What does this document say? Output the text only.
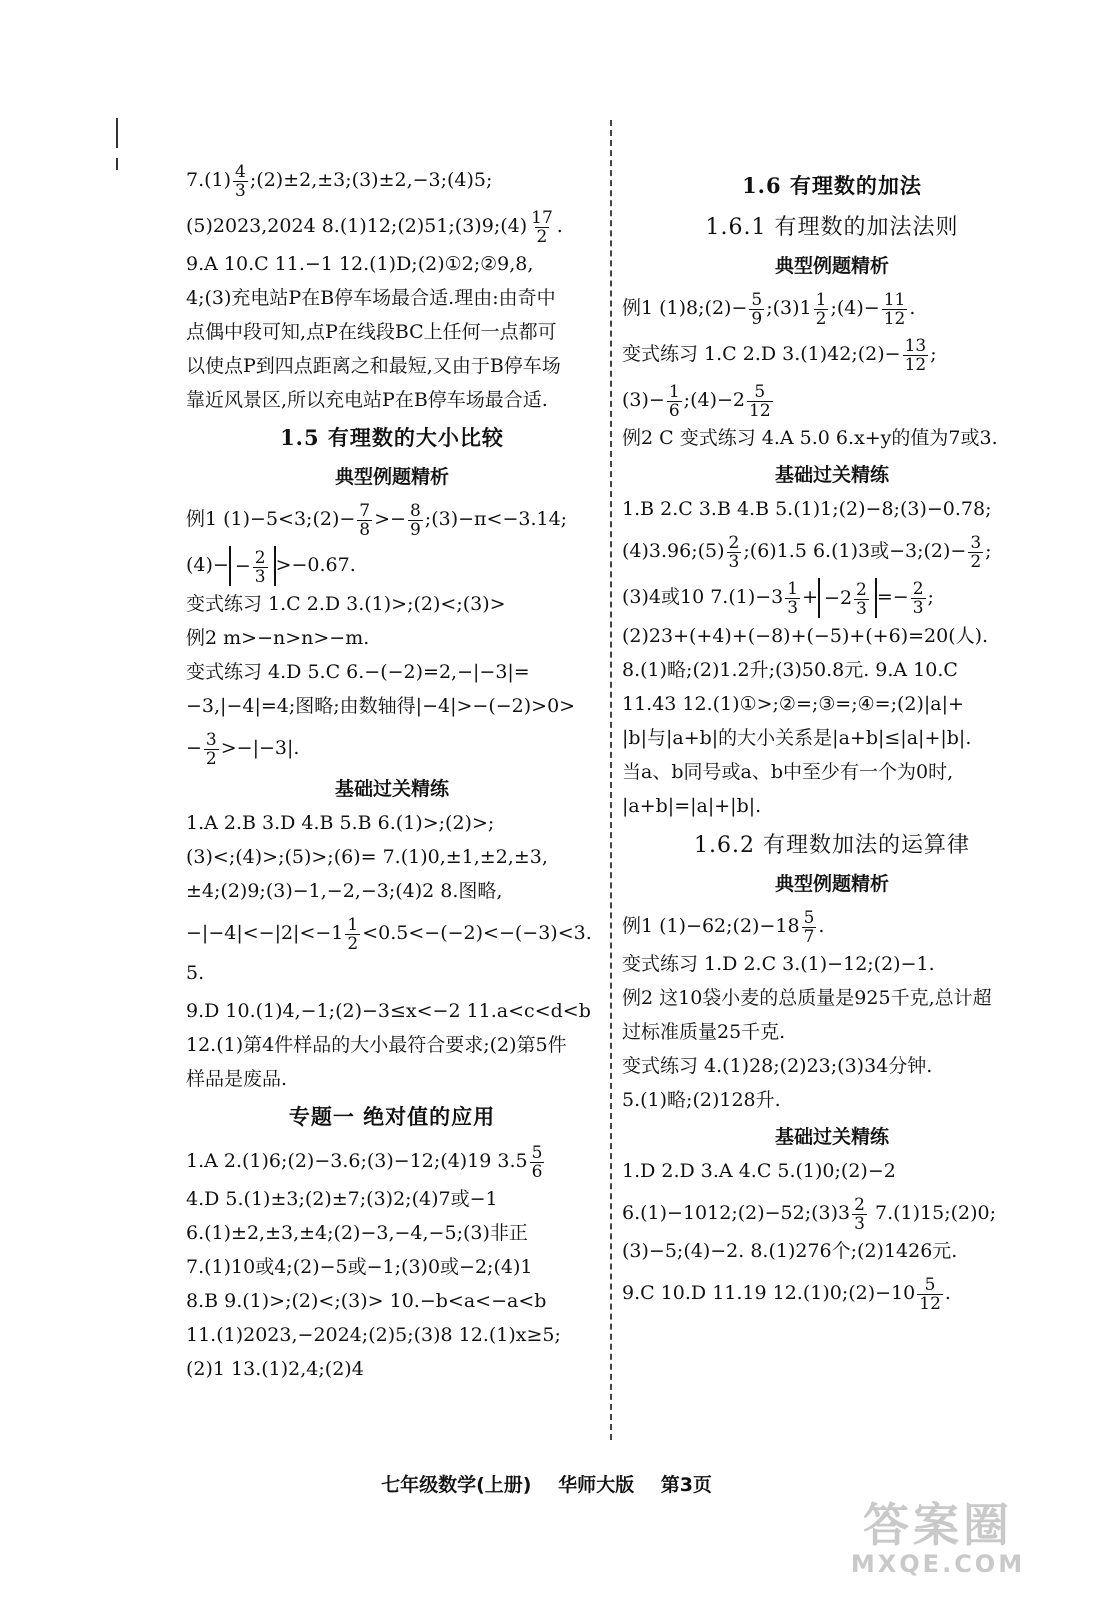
$7.(1) \frac{4}{3}$ ;(2)±2,±3;(3)±2,−3;(4)5;
(5)2023,2024 8.(1)12;(2)51;(3)9;(4) $\frac{17}{2}$ .
9.A 10.C 11.−1 12.(1)D;(2)①2;②9,8,
4;(3)充电站P在B停车场最合适.理由:由奇中
点偶中段可知,点P在线段BC上任何一点都可
以使点P到四点距离之和最短,又由于B停车场
靠近风景区,所以充电站P在B停车场最合适.
1.5 有理数的大小比较
典型例题精析
例1 (1)−5<3;(2)− $\frac{7}{8} >- \frac{8}{9}$ ;(3)−π<−3.14;
$(4)- - \frac{2}{3} >-0.67$.
变式练习 1.C 2.D 3.(1)>;(2)<;(3)>
例2 m>−n>n>−m.
变式练习 4.D 5.C 6.−(−2)=2,−|−3|=
−3,|−4|=4;图略;由数轴得|−4|>−(−2)>0>
− $\frac{3}{2} >-|-3|$.
基础过关精练
1.A 2.B 3.D 4.B 5.B 6.(1)>;(2)>;
(3)<;(4)>;(5)>;(6)= 7.(1)0,±1,±2,±3,
±4;(2)9;(3)−1,−2,−3;(4)2 8.图略,
$-|-4|<-|2|<-1 \frac{1}{2} <0.5<-(-2)<-(-3)<3.5$.
9.D 10.(1)4,−1;(2)−3≤x<−2 11.a<c<d<b
12.(1)第4件样品的大小最符合要求;(2)第5件
样品是废品.
专题一 绝对值的应用
1.A 2.(1)6;(2)−3.6;(3)−12;(4)19 $3.5 \frac{5}{6}$
4.D 5.(1)±3;(2)±7;(3)2;(4)7或−1
6.(1)±2,±3,±4;(2)−3,−4,−5;(3)非正
7.(1)10或4;(2)−5或−1;(3)0或−2;(4)1
8.B 9.(1)>;(2)<;(3)> 10.−b<a<−a<b
11.(1)2023,−2024;(2)5;(3)8 12.(1)x≥5;
(2)1 13.(1)2,4;(2)4
1.6 有理数的加法
1.6.1 有理数的加法法则
典型例题精析
例1 (1)8;(2)− $\frac{5}{9}$ ;(3)1 $\frac{1}{2}$ ;(4)− $\frac{11}{12}$ .
变式练习 1.C 2.D 3.(1)42;(2)− $\frac{13}{12}$ ;
$(3)- \frac{1}{6}$ ;(4)−2 $\frac{5}{12}$
例2 C 变式练习 4.A 5.0 6.x+y的值为7或3.
基础过关精练
1.B 2.C 3.B 4.B 5.(1)1;(2)−8;(3)−0.78;
(4)3.96;(5) $\frac{2}{3}$ ;(6)1.5 6.(1)3或−3;(2)− $\frac{3}{2}$ ;
(3)4或10 $7.(1)-3 \frac{1}{3} + -2 \frac{2}{3} =- \frac{2}{3}$ ;
(2)23+(+4)+(−8)+(−5)+(+6)=20(人).
8.(1)略;(2)1.2升;(3)50.8元. 9.A 10.C
11.43 12.(1)①>;②=;③=;④=;(2)|a|+
|b|与|a+b|的大小关系是|a+b|≤|a|+|b|.
当a、b同号或a、b中至少有一个为0时,
|a+b|=|a|+|b|.
1.6.2 有理数加法的运算律
典型例题精析
例1 (1)−62;(2)−18 $\frac{5}{7}$ .
变式练习 1.D 2.C 3.(1)−12;(2)−1.
例2 这10袋小麦的总质量是925千克,总计超
过标准质量25千克.
变式练习 4.(1)28;(2)23;(3)34分钟.
5.(1)略;(2)128升.
基础过关精练
1.D 2.D 3.A 4.C 5.(1)0;(2)−2
6.(1)−1012;(2)−52;(3)3 $\frac{2}{3}$ 7.(1)15;(2)0;
(3)−5;(4)−2. 8.(1)276个;(2)1426元.
9.C 10.D 11.19 12.(1)0;(2)−10 $\frac{5}{12}$ .
七年级数学(上册) 华师大版 第3页
答案圈
MXQE.COM
